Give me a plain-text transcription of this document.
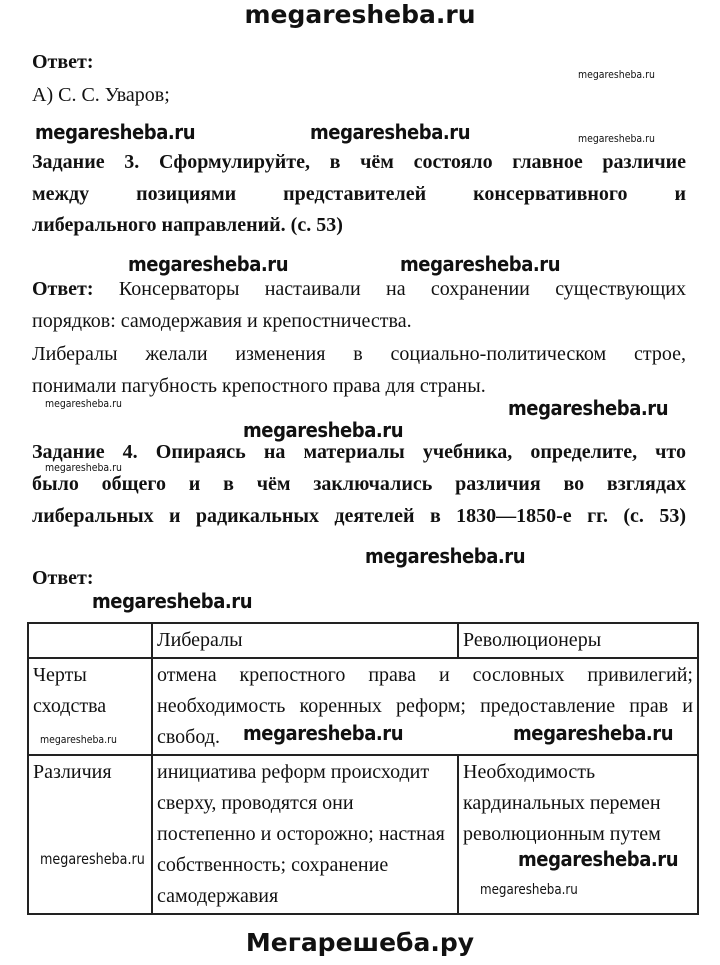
megaresheba.ru
Ответ:
А) С. С. Уваров;
megaresheba.ru
megaresheba.ru	megaresheba.ru	megaresheba.ru
Задание 3. Сформулируйте, в чём состояло главное различие
между позициями представителей консервативного и
либерального направлений. (с. 53)
megaresheba.ru	megaresheba.ru
Ответ: Консерваторы настаивали на сохранении существующих
порядков: самодержавия и крепостничества.
Либералы желали изменения в социально-политическом строе,
понимали пагубность крепостного права для страны.
megaresheba.ru	megaresheba.ru
megaresheba.ru
Задание 4. Опираясь на материалы учебника, определите, что
megaresheba.ru
было общего и в чём заключались различия во взглядах
либеральных и радикальных деятелей в 1830—1850-е гг. (с. 53)
megaresheba.ru
Ответ:
megaresheba.ru
	Либералы	Революционеры
Черты сходства	отмена крепостного права и сословных привилегий; необходимость коренных реформ; предоставление прав и свобод.	
Различия	инициатива реформ происходит сверху, проводятся они постепенно и осторожно; настная собственность; сохранение самодержавия	Необходимость кардинальных перемен революционным путем
megaresheba.ru
megaresheba.ru
megaresheba.ru
megaresheba.ru
megaresheba.ru
megaresheba.ru
Мегарешеба.ру
